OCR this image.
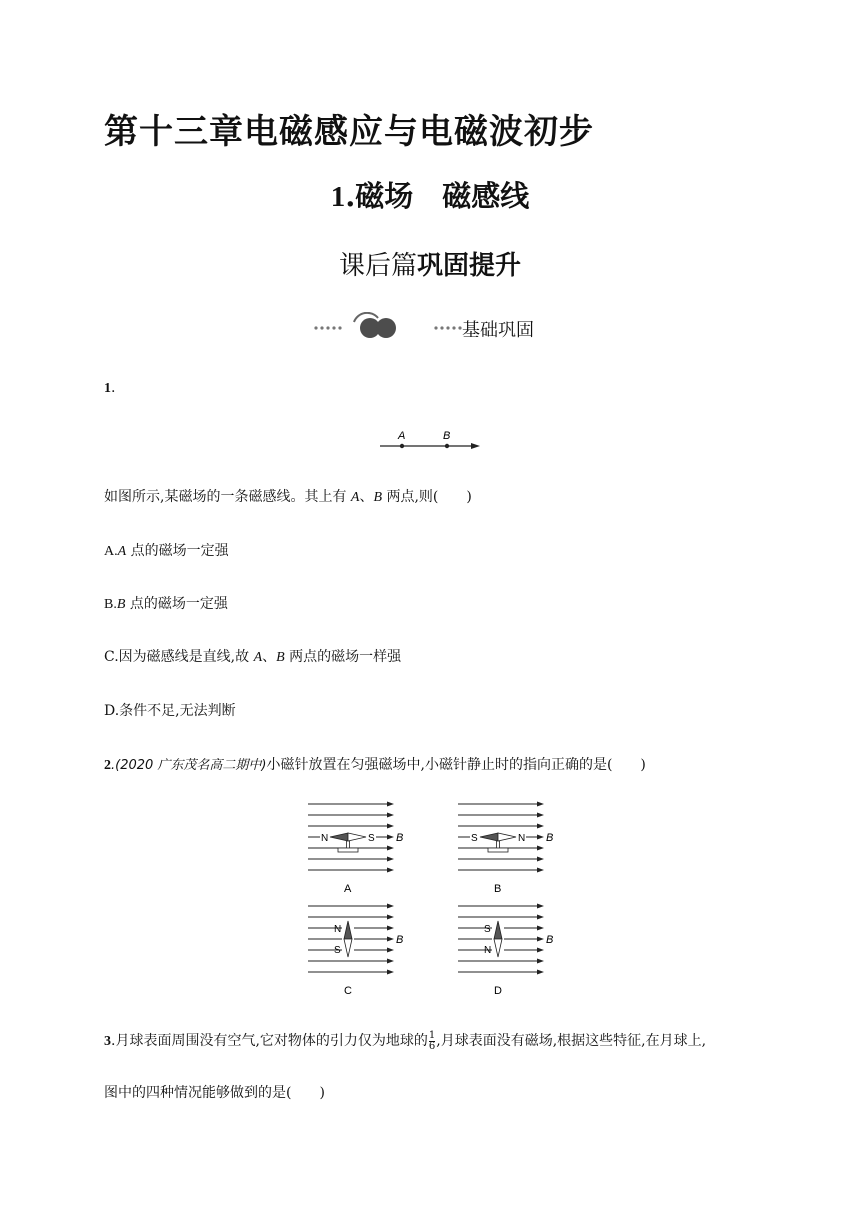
第十三章电磁感应与电磁波初步
1.磁场　磁感线
课后篇巩固提升
i	基础巩固
1.
A	B
如图所示,某磁场的一条磁感线。其上有 A、B 两点,则(　　)
A.A 点的磁场一定强
B.B 点的磁场一定强
C.因为磁感线是直线,故 A、B 两点的磁场一样强
D.条件不足,无法判断
2.(2020 广东茂名高二期中)小磁针放置在匀强磁场中,小磁针静止时的指向正确的是(　　)
B
N	S
A
B
S	N
B
B
N
S
C
B
S
N
D
3.月球表面周围没有空气,它对物体的引力仅为地球的 $\frac{1}{6}$ ,月球表面没有磁场,根据这些特征,在月球上,
图中的四种情况能够做到的是(　　)
